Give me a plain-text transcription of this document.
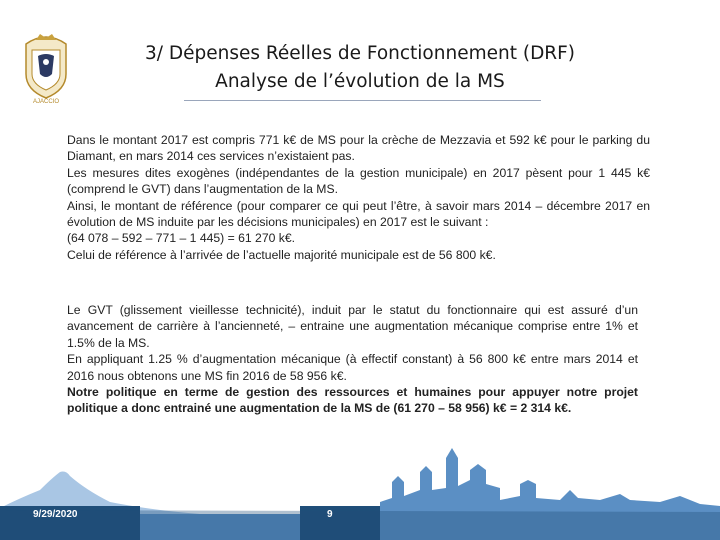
AJACCIO
3/ Dépenses Réelles de Fonctionnement (DRF)
Analyse de l’évolution de la MS

Dans le montant 2017 est compris 771 k€ de MS pour la crèche de Mezzavia et 592 k€ pour le parking du Diamant, en mars 2014 ces services n’existaient pas.
Les mesures dites exogènes (indépendantes de la gestion municipale) en 2017 pèsent pour 1 445 k€ (comprend le GVT) dans l’augmentation de la MS.
Ainsi, le montant de référence (pour comparer ce qui peut l’être, à savoir mars 2014 – décembre 2017 en évolution de MS induite par les décisions municipales) en 2017 est le suivant :
(64 078 – 592 – 771 – 1 445) = 61 270 k€.
Celui de référence à l’arrivée de l’actuelle majorité municipale est de 56 800 k€.

Le GVT (glissement vieillesse technicité), induit par le statut du fonctionnaire qui est assuré d’un avancement de carrière à l’ancienneté, – entraine une augmentation mécanique comprise entre 1% et 1.5% de la MS.
En appliquant 1.25 % d’augmentation mécanique (à effectif constant) à 56 800 k€ entre mars 2014 et 2016 nous obtenons une MS fin 2016 de 58 956 k€.
Notre politique en terme de gestion des ressources et humaines pour appuyer notre projet politique a donc entrainé une augmentation de la MS de (61 270 – 58 956) k€ = 2 314 k€.

9/29/2020	9
